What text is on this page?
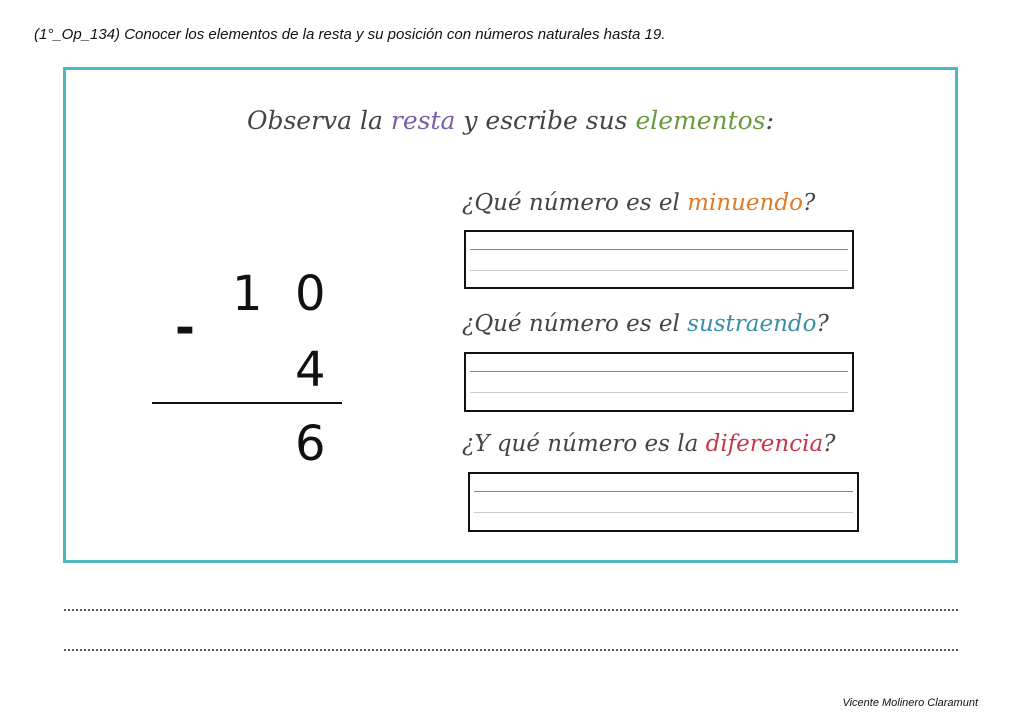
(1°_Op_134) Conocer los elementos de la resta y su posición con números naturales hasta 19.
Observa la resta y escribe sus elementos:
1 0
-
4
6
¿Qué número es el minuendo?
¿Qué número es el sustraendo?
¿Y qué número es la diferencia?
Vicente Molinero Claramunt
